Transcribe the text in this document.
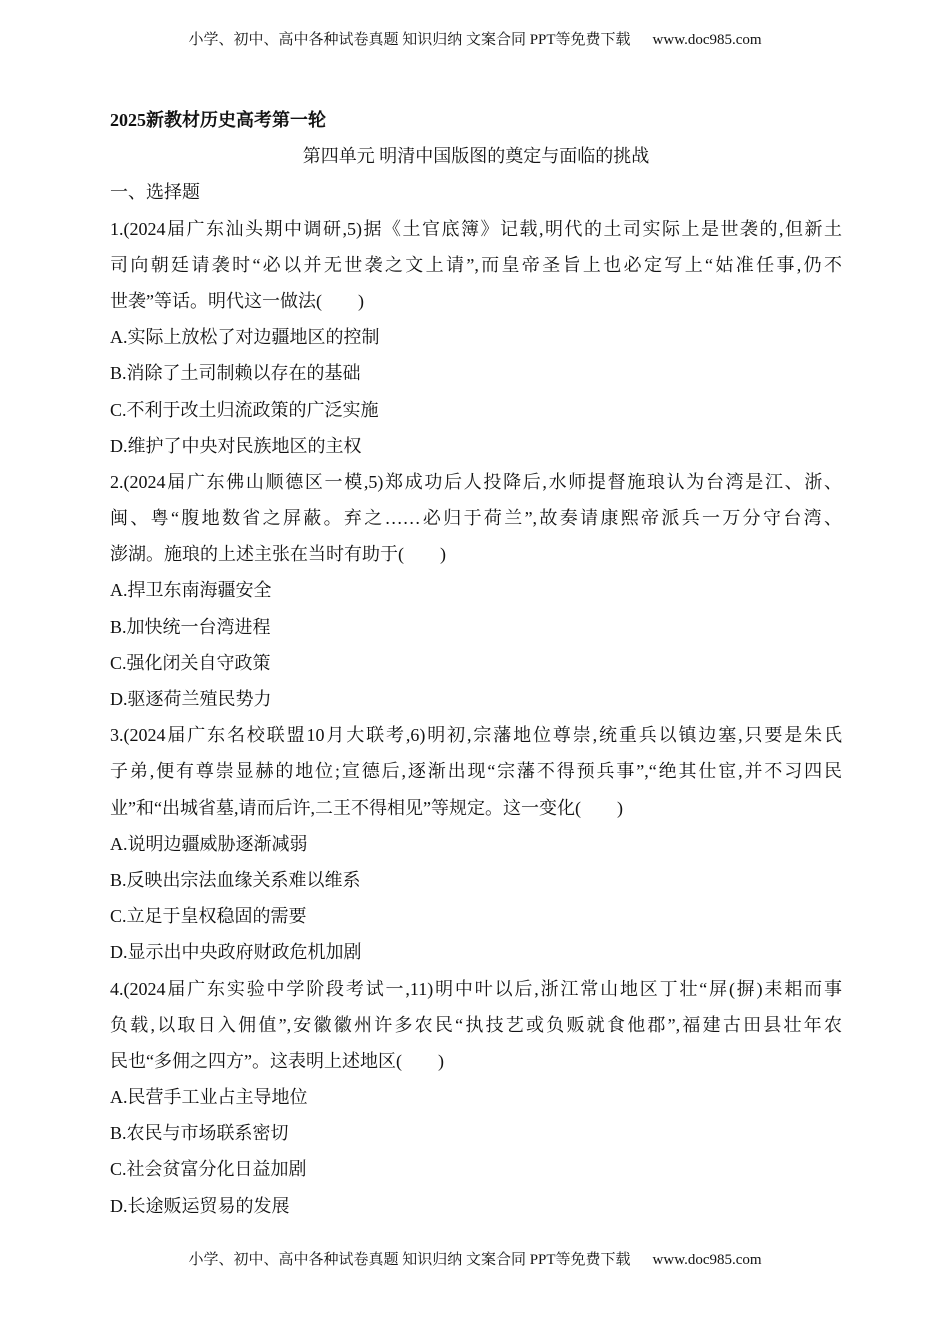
小学、初中、高中各种试卷真题 知识归纳 文案合同 PPT等免费下载 www.doc985.com
2025新教材历史高考第一轮
第四单元 明清中国版图的奠定与面临的挑战
一、选择题
1.(2024届广东汕头期中调研,5)据《土官底簿》记载,明代的土司实际上是世袭的,但新土
司向朝廷请袭时“必以并无世袭之文上请”,而皇帝圣旨上也必定写上“姑准任事,仍不
世袭”等话。明代这一做法(　　)
A.实际上放松了对边疆地区的控制
B.消除了土司制赖以存在的基础
C.不利于改土归流政策的广泛实施
D.维护了中央对民族地区的主权
2.(2024届广东佛山顺德区一模,5)郑成功后人投降后,水师提督施琅认为台湾是江、浙、
闽、粤“腹地数省之屏蔽。弃之……必归于荷兰”,故奏请康熙帝派兵一万分守台湾、
澎湖。施琅的上述主张在当时有助于(　　)
A.捍卫东南海疆安全
B.加快统一台湾进程
C.强化闭关自守政策
D.驱逐荷兰殖民势力
3.(2024届广东名校联盟10月大联考,6)明初,宗藩地位尊崇,统重兵以镇边塞,只要是朱氏
子弟,便有尊崇显赫的地位;宣德后,逐渐出现“宗藩不得预兵事”,“绝其仕宦,并不习四民
业”和“出城省墓,请而后许,二王不得相见”等规定。这一变化(　　)
A.说明边疆威胁逐渐减弱
B.反映出宗法血缘关系难以维系
C.立足于皇权稳固的需要
D.显示出中央政府财政危机加剧
4.(2024届广东实验中学阶段考试一,11)明中叶以后,浙江常山地区丁壮“屏(摒)耒耜而事
负载,以取日入佣值”,安徽徽州许多农民“执技艺或负贩就食他郡”,福建古田县壮年农
民也“多佣之四方”。这表明上述地区(　　)
A.民营手工业占主导地位
B.农民与市场联系密切
C.社会贫富分化日益加剧
D.长途贩运贸易的发展
小学、初中、高中各种试卷真题 知识归纳 文案合同 PPT等免费下载 www.doc985.com
